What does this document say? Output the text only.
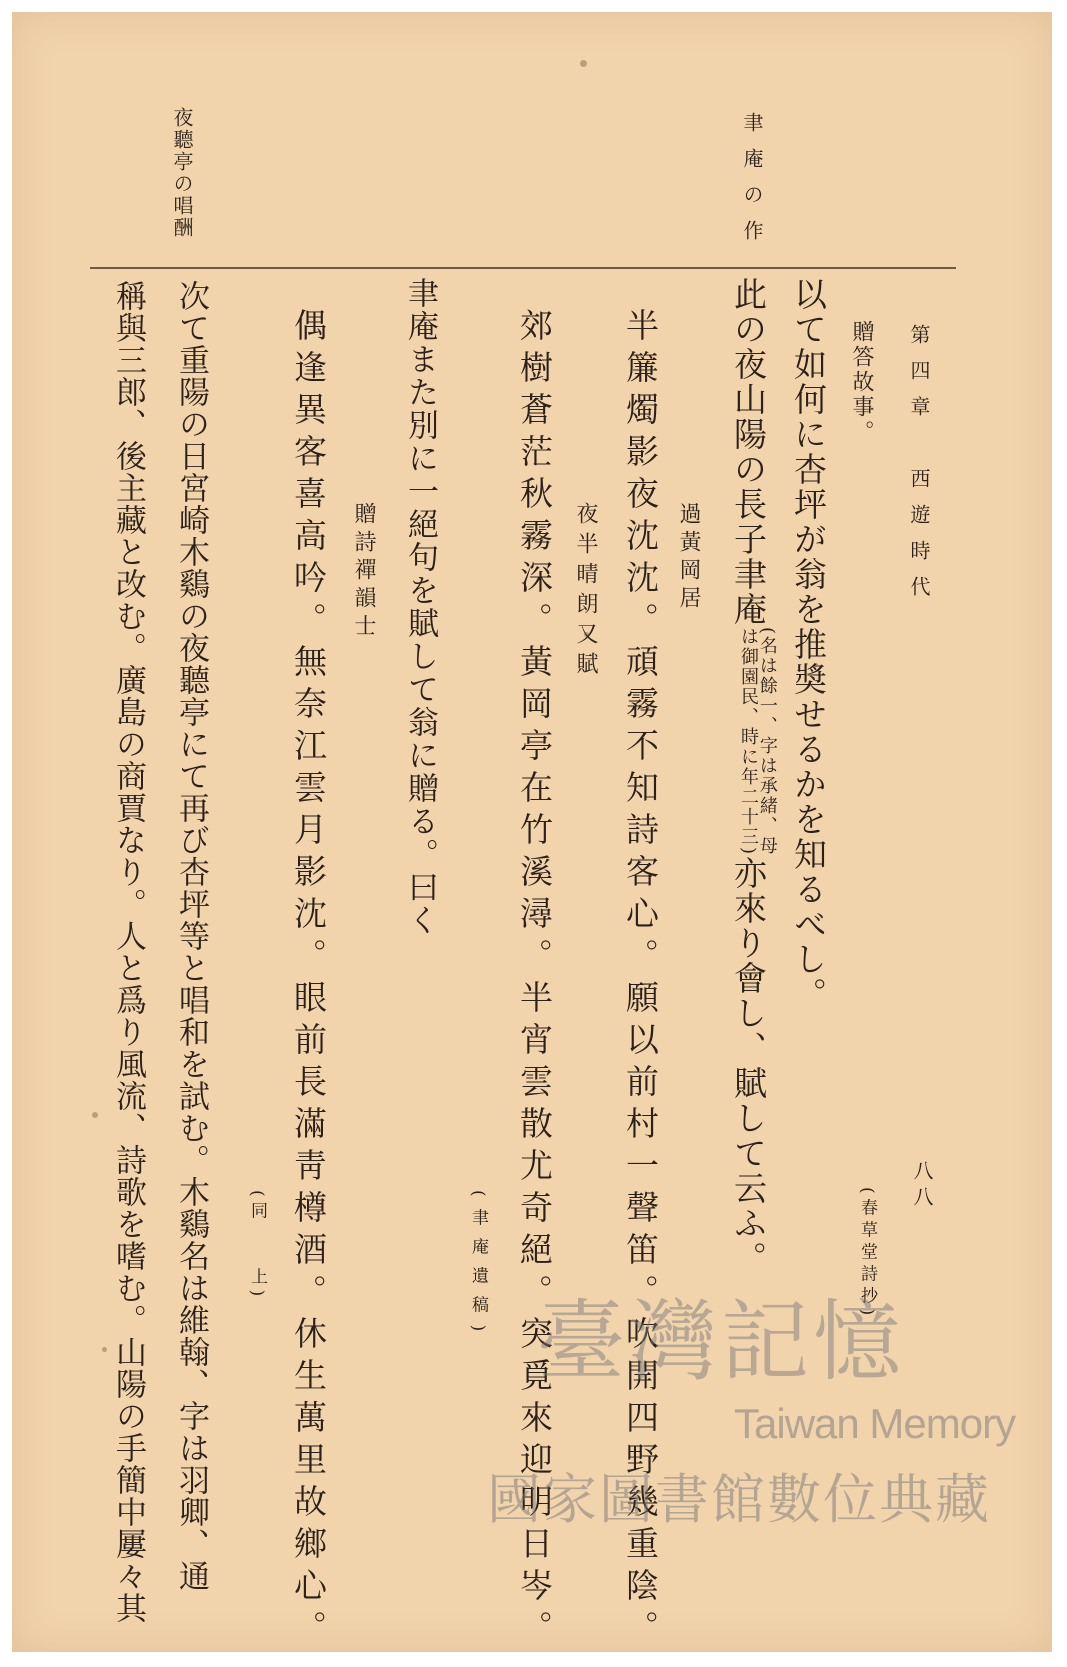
第四章　西遊時代
八八
聿庵の作
夜聽亭の唱酬
贈答故事。
以て如何に杏坪が翁を推奬せるかを知るべし。
(春草堂詩抄)
此の夜山陽の長子聿庵
(名は餘一、字は承緒、母
は御園民、時に年二十三)
亦來り會し、賦して云ふ。
過黃岡居
半簾燭影夜沈沈。頑霧不知詩客心。願以前村一聲笛。吹開四野幾重陰。
夜半晴朗又賦
郊樹蒼茫秋霧深。黃岡亭在竹溪潯。半宵雲散尤奇絕。突覓來迎明日岑。
(聿庵遺稿)
聿庵また別に一絕句を賦して翁に贈る。曰く
贈詩禪韻士
偶逢異客喜高吟。無奈江雲月影沈。眼前長滿靑樽酒。休生萬里故鄉心。
(同　　上)
次て重陽の日宮崎木鷄の夜聽亭にて再び杏坪等と唱和を試む。木鷄名は維翰、字は羽卿、通
稱與三郎、後主藏と改む。廣島の商賈なり。人と爲り風流、詩歌を嗜む。山陽の手簡中屢々其	臺灣記憶
Taiwan Memory
國家圖書館數位典藏
